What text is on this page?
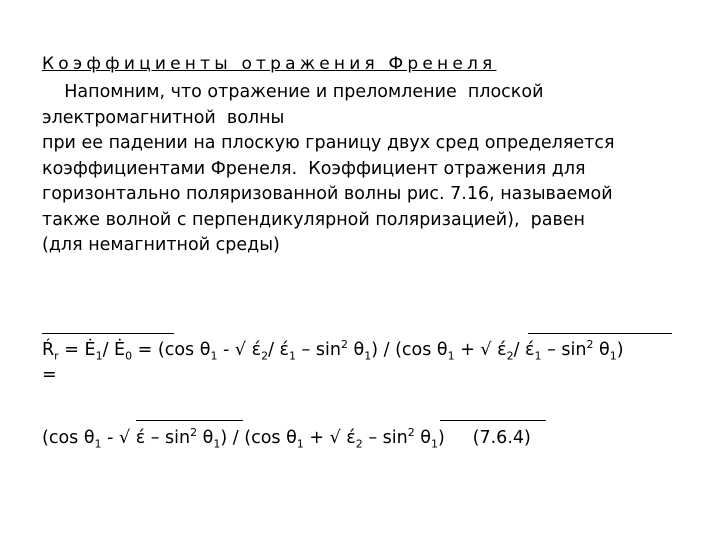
Коэффициенты отражения Френеля
Напомним, что отражение и преломление  плоской
электромагнитной  волны
при ее падении на плоскую границу двух сред определяется
коэффициентами Френеля.  Коэффициент отражения для
горизонтально поляризованной волны рис. 7.16, называемой
также волной с перпендикулярной поляризацией),  равен
(для немагнитной среды)
$Ŕ_r$ = $Ė_1/$ $Ė_0 = (\cos$ $\theta_1$ - √ $έ_2/$ $έ_1 - \sin^2 \theta_1) / (\cos$ $\theta_1$ + √ $έ_2/$ $έ_1 - \sin^2 \theta_1$)
=
(cos $\theta_1$ - √ έ – $\sin^2 \theta_1) / (\cos$ $\theta_1$ + √ $έ_2 - \sin^2 \theta_1$) (7.6.4)
